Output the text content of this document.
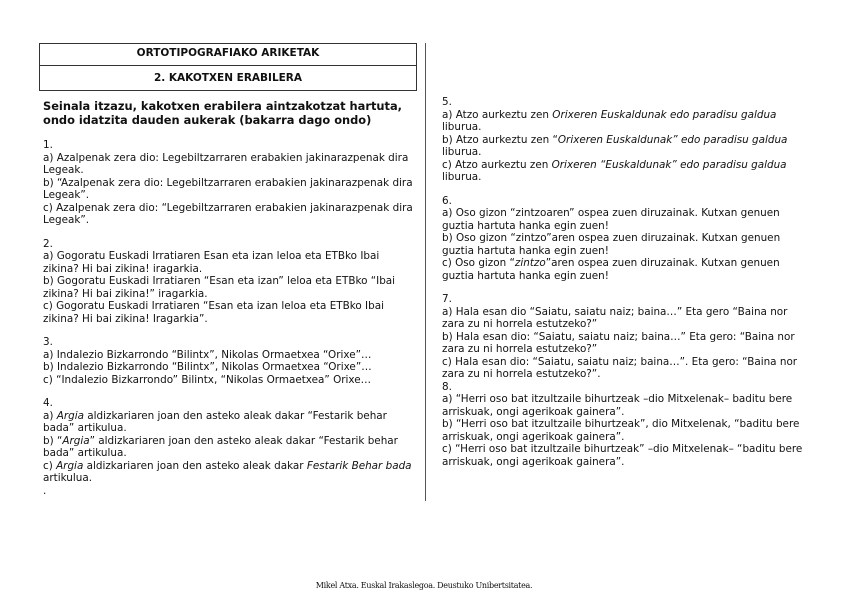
ORTOTIPOGRAFIAKO ARIKETAK
2. KAKOTXEN ERABILERA
Seinala itzazu, kakotxen erabilera aintzakotzat hartuta, ondo idatzita dauden aukerak (bakarra dago ondo)

1.

a) Azalpenak zera dio: Legebiltzarraren erabakien jakinarazpenak dira Legeak.

b) “Azalpenak zera dio: Legebiltzarraren erabakien jakinarazpenak dira Legeak”.

c) Azalpenak zera dio: “Legebiltzarraren erabakien jakinarazpenak dira Legeak”.

2.

a) Gogoratu Euskadi Irratiaren Esan eta izan leloa eta ETBko Ibai zikina? Hi bai zikina! iragarkia.

b) Gogoratu Euskadi Irratiaren “Esan eta izan” leloa eta ETBko “Ibai zikina? Hi bai zikina!” iragarkia.

c) Gogoratu Euskadi Irratiaren “Esan eta izan leloa eta ETBko Ibai zikina? Hi bai zikina! Iragarkia”.

3.

a) Indalezio Bizkarrondo “Bilintx”, Nikolas Ormaetxea “Orixe”…

b) Indalezio Bizkarrondo “Bilintx”, Nikolas Ormaetxea “Orixe”…

c) “Indalezio Bizkarrondo” Bilintx, “Nikolas Ormaetxea” Orixe…

4.

a) Argia aldizkariaren joan den asteko aleak dakar “Festarik behar bada” artikulua.

b) “Argia” aldizkariaren joan den asteko aleak dakar “Festarik behar bada” artikulua.

c) Argia aldizkariaren joan den asteko aleak dakar Festarik Behar bada artikulua.

.

5.

a) Atzo aurkeztu zen Orixeren Euskaldunak edo paradisu galdua liburua.

b) Atzo aurkeztu zen “Orixeren Euskaldunak” edo paradisu galdua liburua.

c) Atzo aurkeztu zen Orixeren “Euskaldunak” edo paradisu galdua liburua.

6.

a) Oso gizon “zintzoaren” ospea zuen diruzainak. Kutxan genuen guztia hartuta hanka egin zuen!

b) Oso gizon “zintzo”aren ospea zuen diruzainak. Kutxan genuen guztia hartuta hanka egin zuen!

c) Oso gizon “zintzo”aren ospea zuen diruzainak. Kutxan genuen guztia hartuta hanka egin zuen!

7.

a) Hala esan dio “Saiatu, saiatu naiz; baina…” Eta gero “Baina nor zara zu ni horrela estutzeko?”

b) Hala esan dio: “Saiatu, saiatu naiz; baina…” Eta gero: “Baina nor zara zu ni horrela estutzeko?”

c) Hala esan dio: “Saiatu, saiatu naiz; baina…”. Eta gero: “Baina nor zara zu ni horrela estutzeko?”.

8.

a) “Herri oso bat itzultzaile bihurtzeak –dio Mitxelenak– baditu bere arriskuak, ongi agerikoak gainera”.

b) “Herri oso bat itzultzaile bihurtzeak”, dio Mitxelenak, “baditu bere arriskuak, ongi agerikoak gainera”.

c) “Herri oso bat itzultzaile bihurtzeak” –dio Mitxelenak– “baditu bere arriskuak, ongi agerikoak gainera”.

Mikel Atxa. Euskal Irakaslegoa. Deustuko Unibertsitatea.
